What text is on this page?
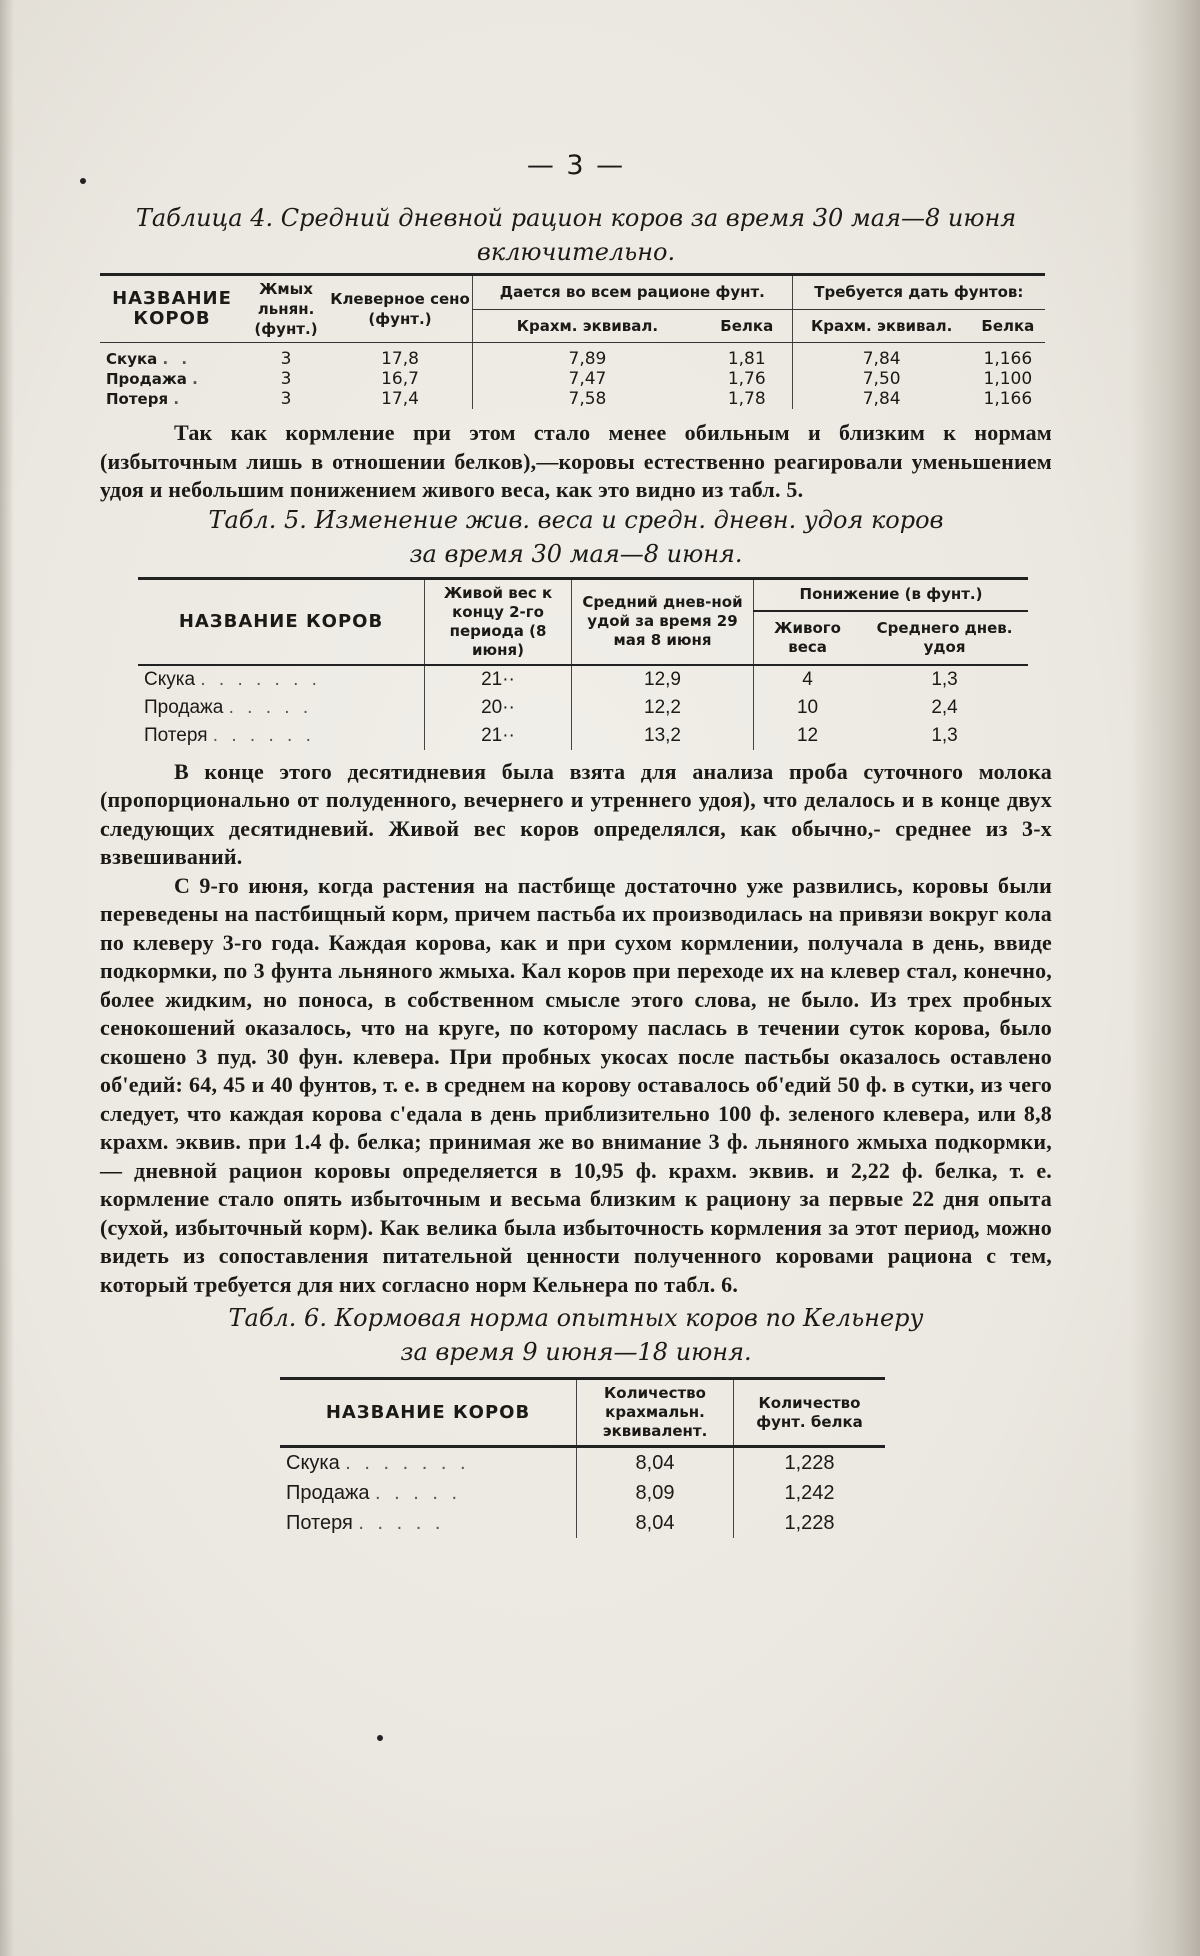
— 3 —
Таблица 4. Средний дневной рацион коров за время 30 мая—8 июня
включительно.
НАЗВАНИЕ КОРОВ	Жмых льнян. (фунт.)	Клеверное сено (фунт.)	Дается во всем рационе фунт.		Требуется дать фунтов:	
			Крахм. эквивал.	Белка	Крахм. эквивал.	Белка
Скука . .	3	17,8	7,89	1,81	7,84	1,166
Продажа .	3	16,7	7,47	1,76	7,50	1,100
Потеря .	3	17,4	7,58	1,78	7,84	1,166

Так как кормление при этом стало менее обильным и близким к нормам (избыточным лишь в отношении белков),—коровы естественно реагировали уменьшением удоя и небольшим понижением живого веса, как это видно из табл. 5.

Табл. 5. Изменение жив. веса и средн. дневн. удоя коров
за время 30 мая—8 июня.
НАЗВАНИЕ КОРОВ	Живой вес к концу 2-го периода (8 июня)	Средний днев-ной удой за время 29 мая 8 июня	Понижение (в фунт.)	
			Живого веса	Среднего днев. удоя
Скука . . . . . . .	21··	12,9	4	1,3
Продажа . . . . .	20··	12,2	10	2,4
Потеря . . . . . .	21··	13,2	12	1,3

В конце этого десятидневия была взята для анализа проба суточного молока (пропорционально от полуденного, вечернего и утреннего удоя), что делалось и в конце двух следующих десятидневий. Живой вес коров определялся, как обычно,- среднее из 3-х взвешиваний.

С 9-го июня, когда растения на пастбище достаточно уже развились, коровы были переведены на пастбищный корм, причем пастьба их производилась на привязи вокруг кола по клеверу 3-го года. Каждая корова, как и при сухом кормлении, получала в день, ввиде подкормки, по 3 фунта льняного жмыха. Кал коров при переходе их на клевер стал, конечно, более жидким, но поноса, в собственном смысле этого слова, не было. Из трех пробных сенокошений оказалось, что на круге, по которому паслась в течении суток корова, было скошено 3 пуд. 30 фун. клевера. При пробных укосах после пастьбы оказалось оставлено об'едий: 64, 45 и 40 фунтов, т. е. в среднем на корову оставалось об'едий 50 ф. в сутки, из чего следует, что каждая корова с'едала в день приблизительно 100 ф. зеленого клевера, или 8,8 крахм. эквив. при 1.4 ф. белка; принимая же во внимание 3 ф. льняного жмыха подкормки,— дневной рацион коровы определяется в 10,95 ф. крахм. эквив. и 2,22 ф. белка, т. е. кормление стало опять избыточным и весьма близким к рациону за первые 22 дня опыта (сухой, избыточный корм). Как велика была избыточность кормления за этот период, можно видеть из сопоставления питательной ценности полученного коровами рациона с тем, который требуется для них согласно норм Кельнера по табл. 6.

Табл. 6. Кормовая норма опытных коров по Кельнеру
за время 9 июня—18 июня.
НАЗВАНИЕ КОРОВ	Количество крахмальн. эквивалент.	Количество фунт. белка
Скука . . . . . . .	8,04	1,228
Продажа . . . . .	8,09	1,242
Потеря . . . . .	8,04	1,228
